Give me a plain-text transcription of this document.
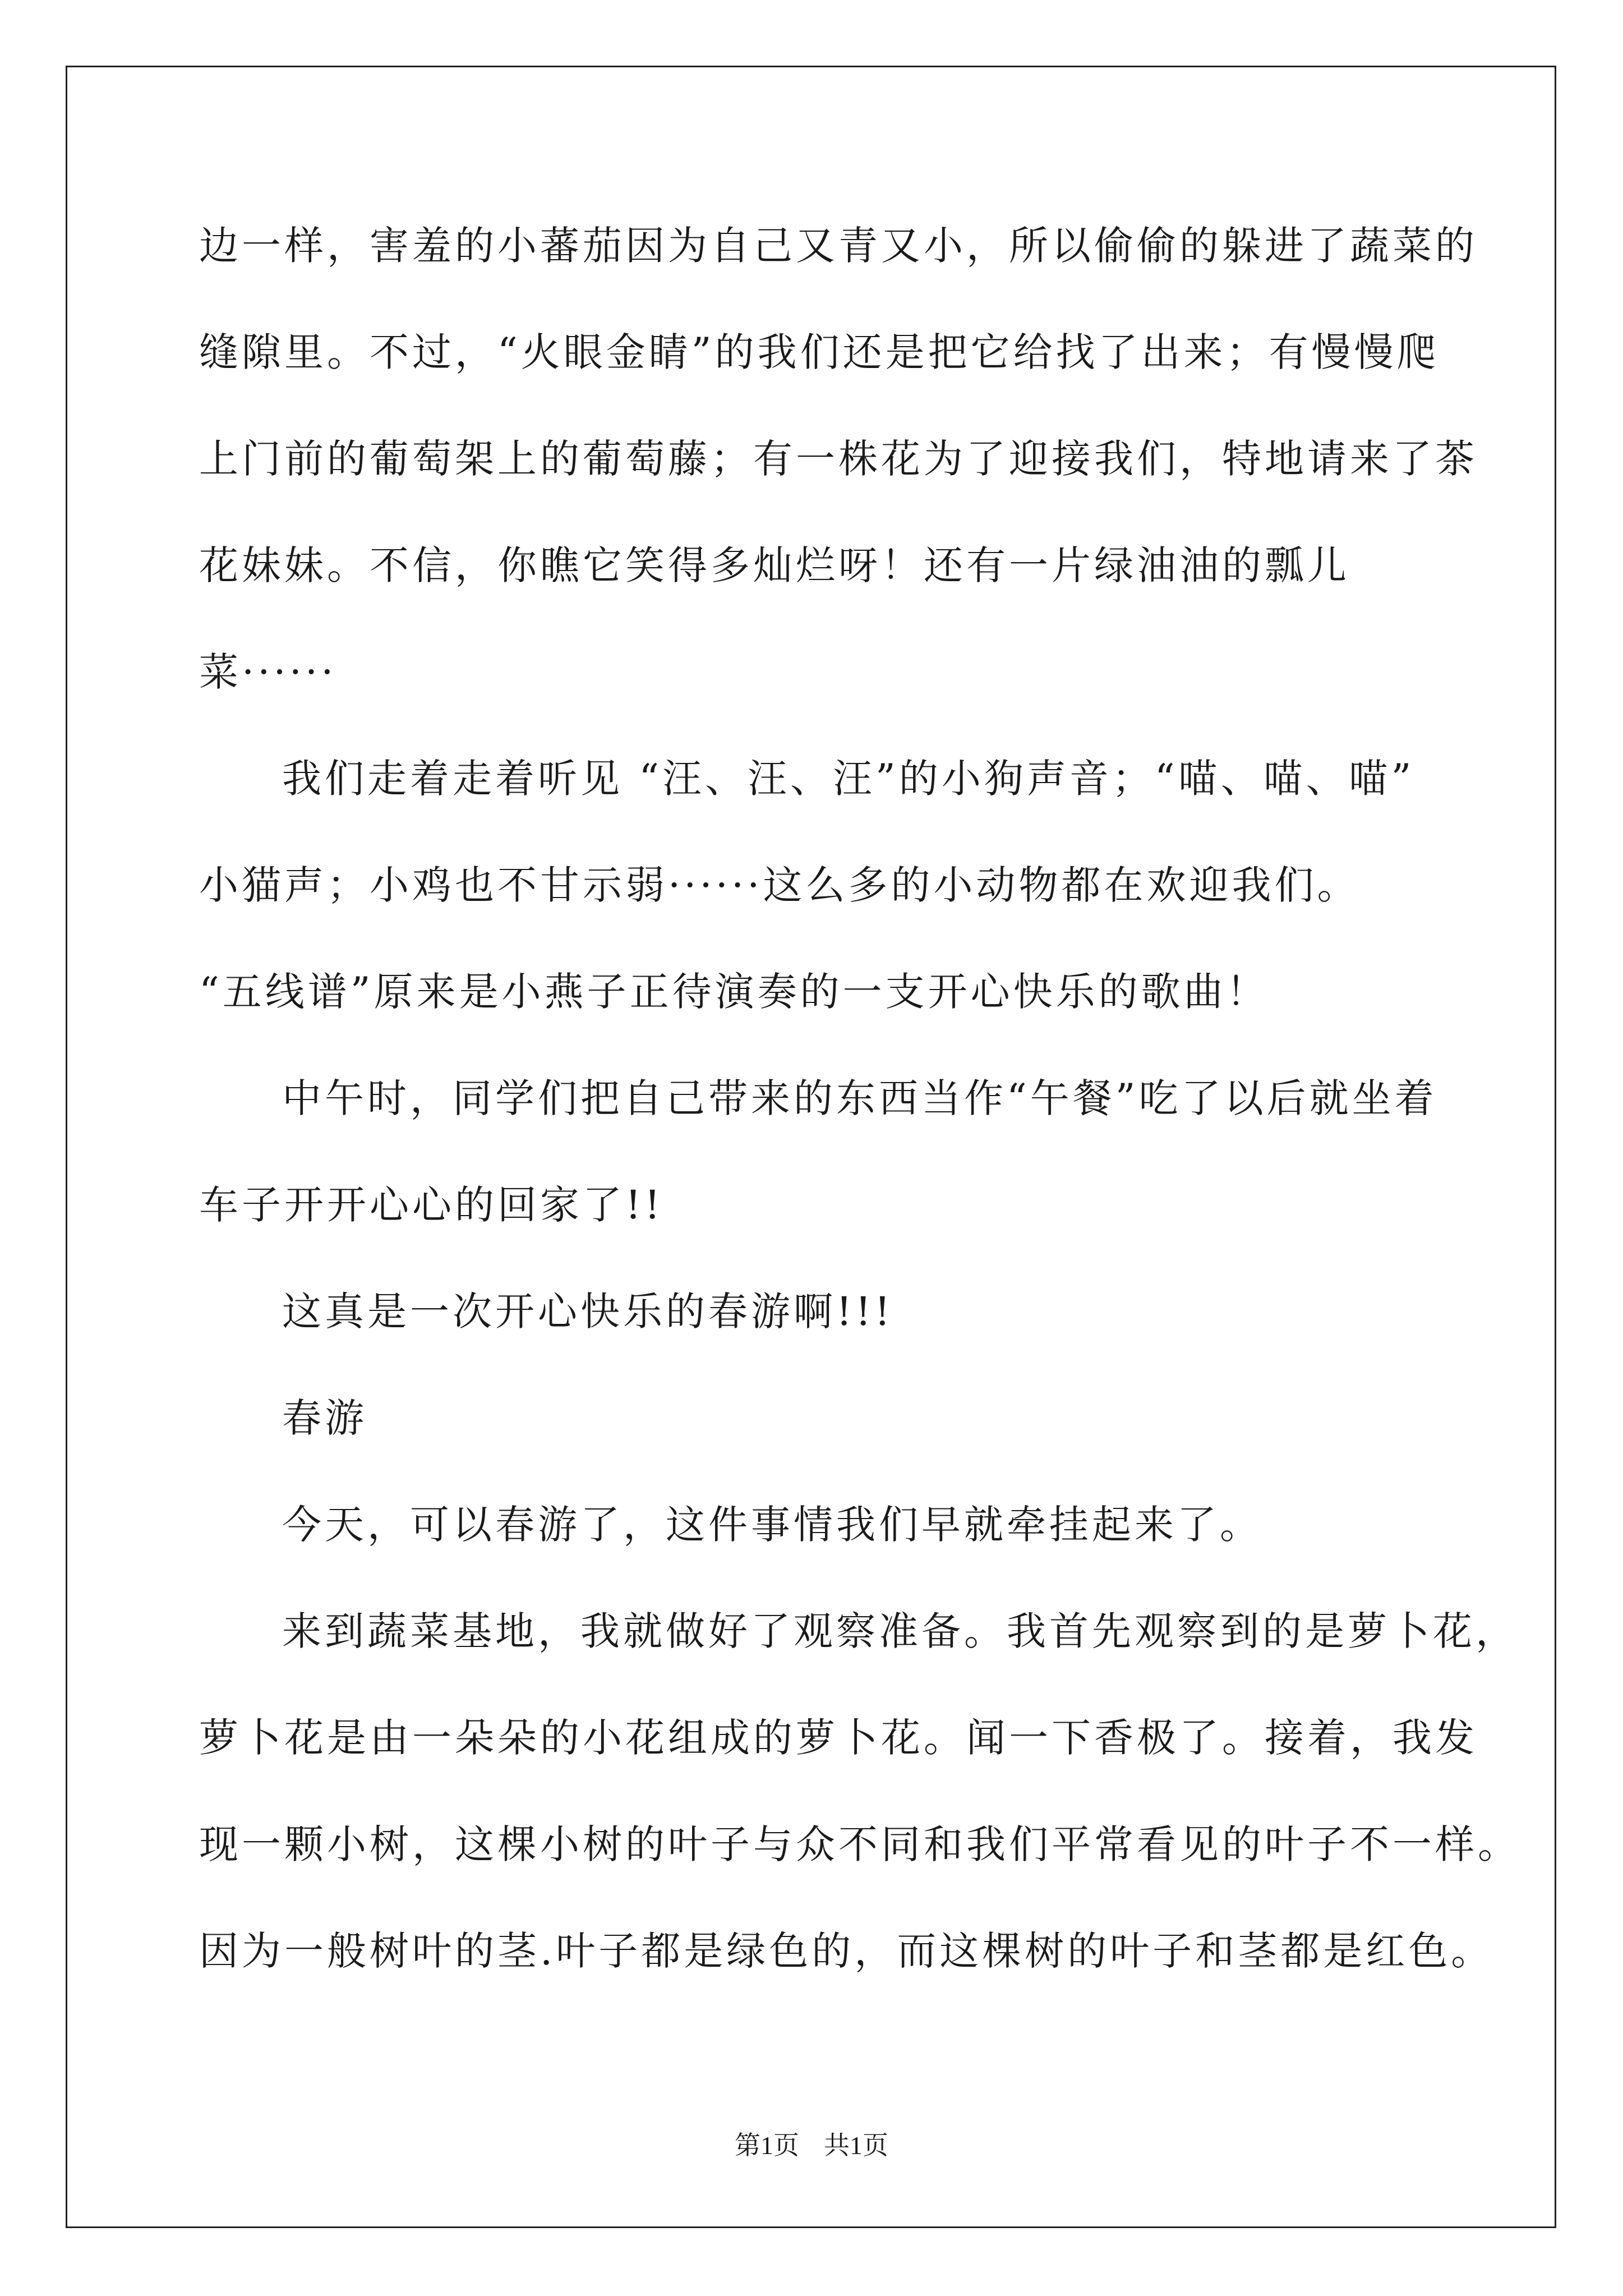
边一样，害羞的小蕃茄因为自己又青又小，所以偷偷的躲进了蔬菜的
缝隙里。不过，“火眼金睛”的我们还是把它给找了出来；有慢慢爬
上门前的葡萄架上的葡萄藤；有一株花为了迎接我们，特地请来了茶
花妹妹。不信，你瞧它笑得多灿烂呀！还有一片绿油油的瓢儿
菜······
我们走着走着听见 “汪、汪、汪”的小狗声音；“喵、喵、喵”
小猫声；小鸡也不甘示弱······这么多的小动物都在欢迎我们。
“五线谱”原来是小燕子正待演奏的一支开心快乐的歌曲！
中午时，同学们把自己带来的东西当作“午餐”吃了以后就坐着
车子开开心心的回家了!!
这真是一次开心快乐的春游啊!!!
春游
今天，可以春游了，这件事情我们早就牵挂起来了。
来到蔬菜基地，我就做好了观察准备。我首先观察到的是萝卜花，
萝卜花是由一朵朵的小花组成的萝卜花。闻一下香极了。接着，我发
现一颗小树，这棵小树的叶子与众不同和我们平常看见的叶子不一样。
因为一般树叶的茎.叶子都是绿色的，而这棵树的叶子和茎都是红色。
第1页 共1页
